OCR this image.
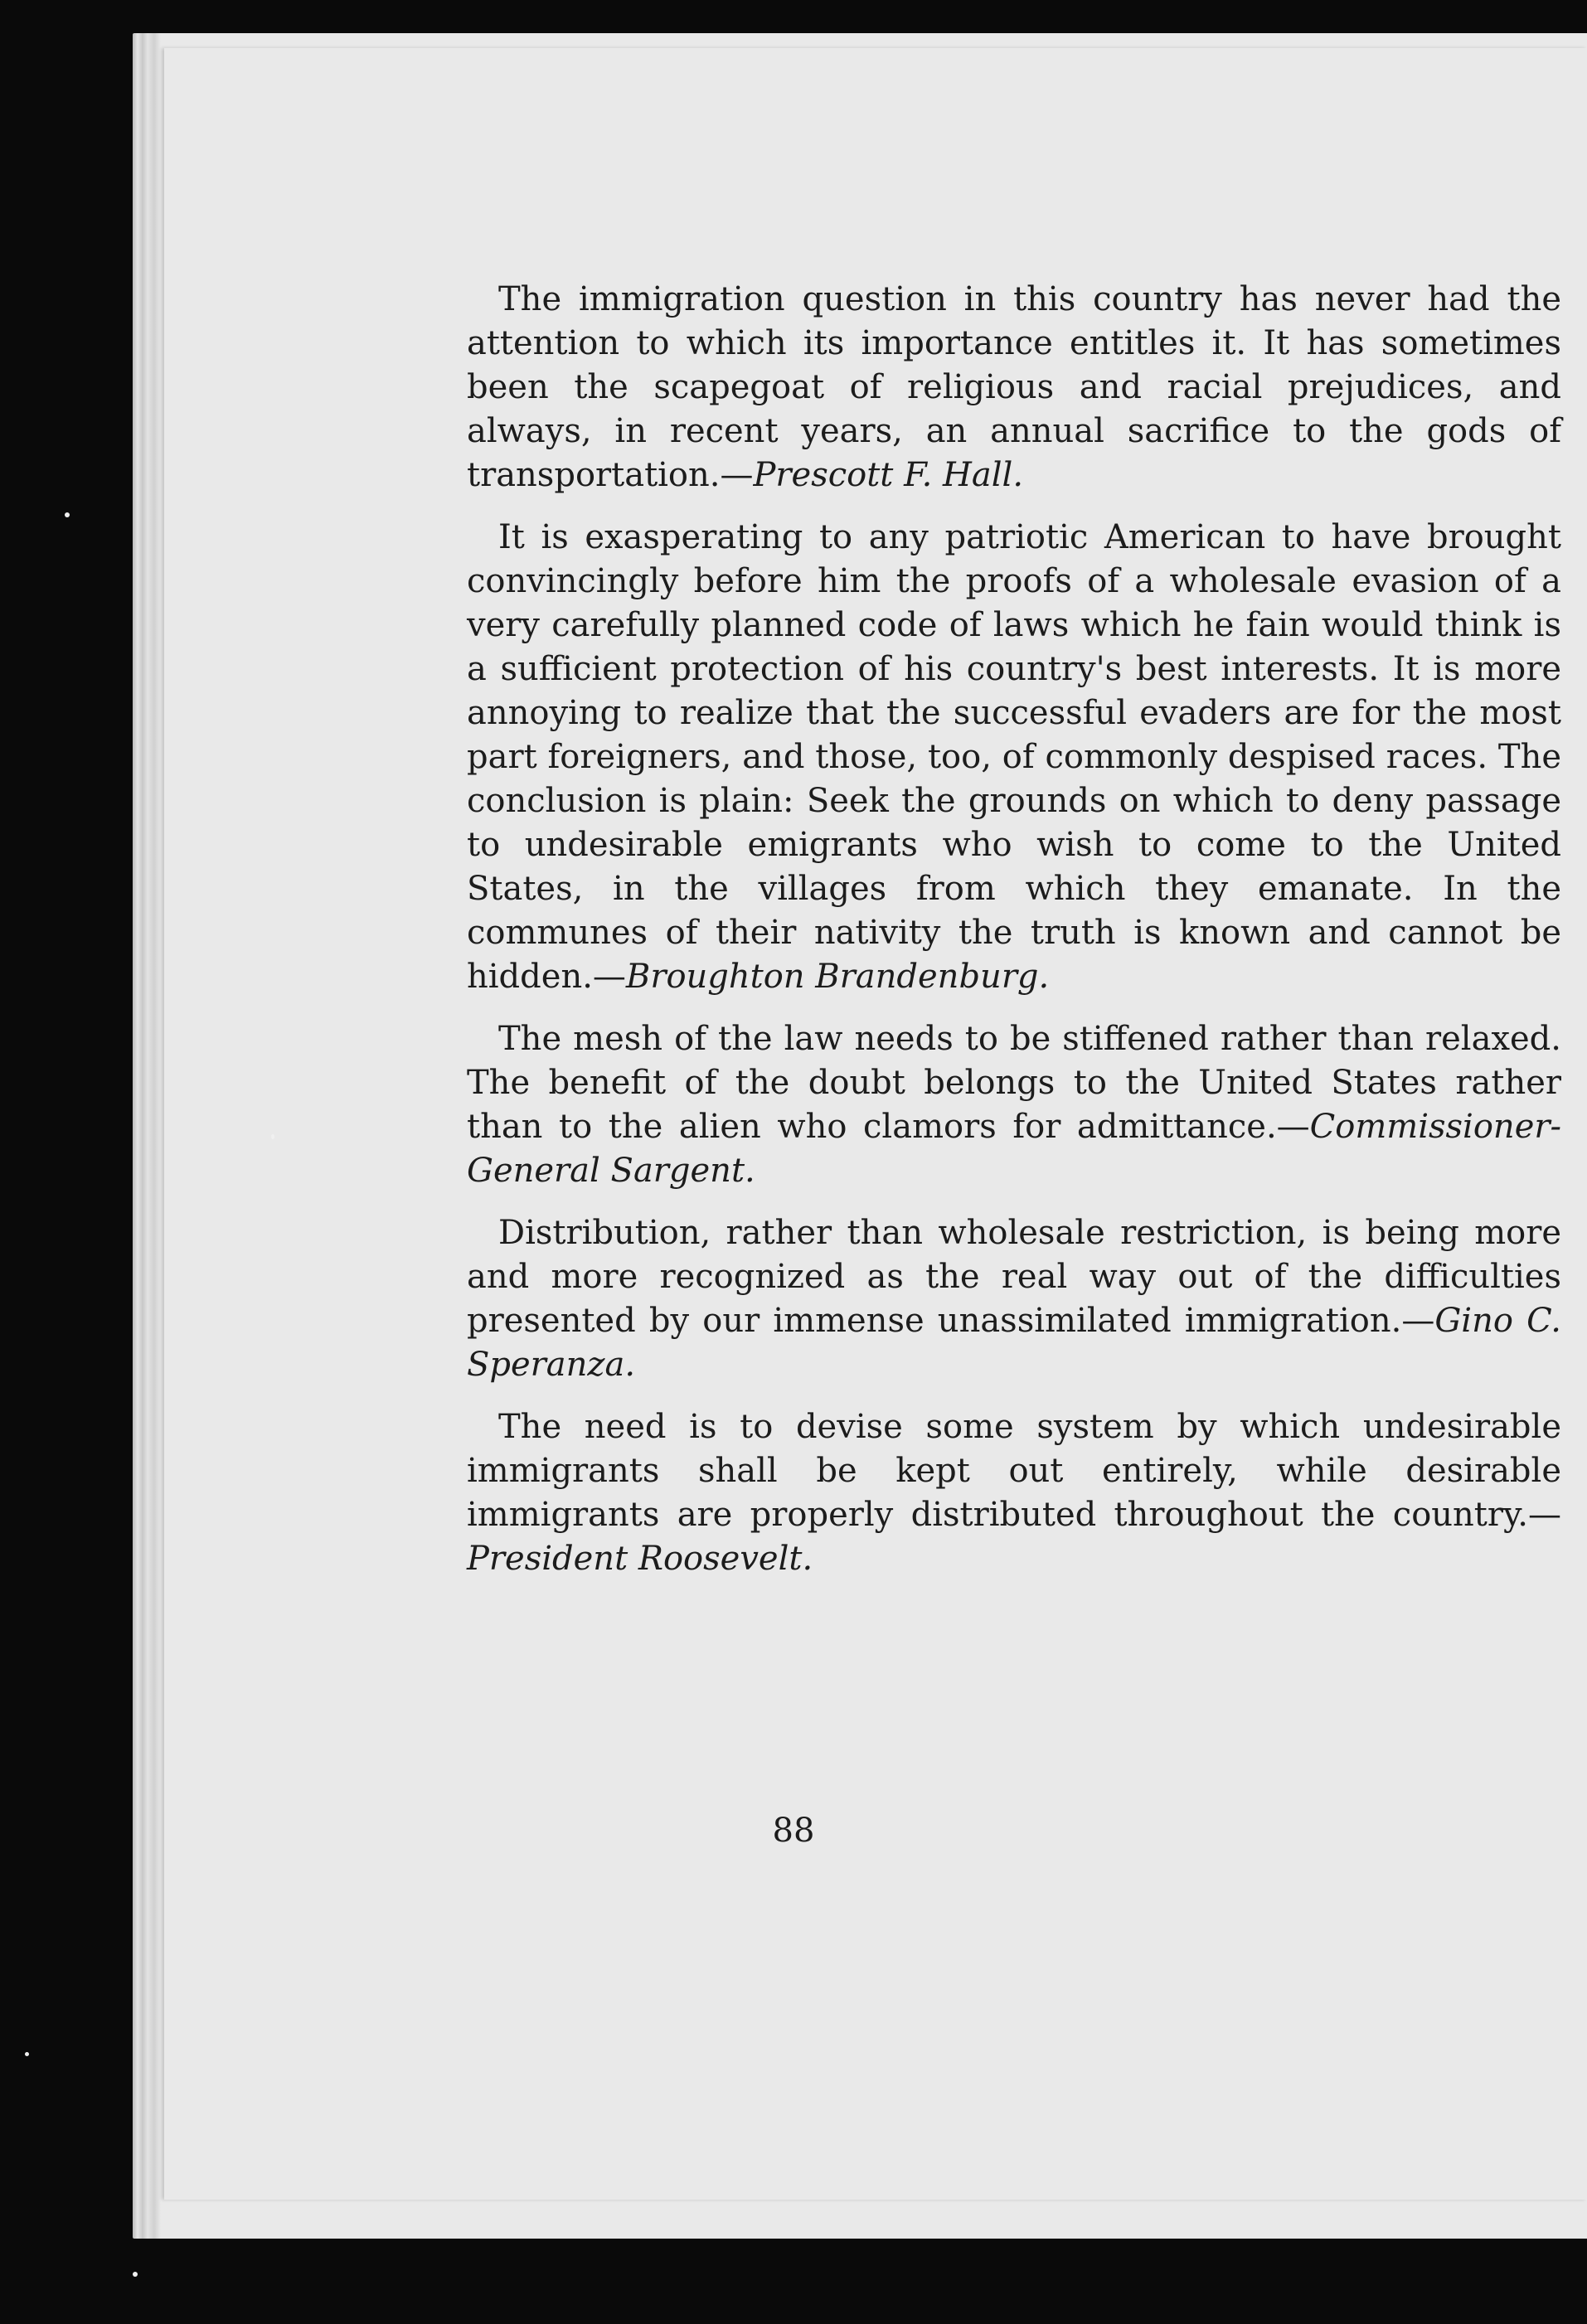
The immigration question in this country has never had the attention to which its importance entitles it. It has sometimes been the scapegoat of religious and racial prejudices, and always, in recent years, an annual sacrifice to the gods of transportation.—Prescott F. Hall.

It is exasperating to any patriotic American to have brought convincingly before him the proofs of a wholesale evasion of a very carefully planned code of laws which he fain would think is a sufficient protection of his country's best interests. It is more annoying to realize that the successful evaders are for the most part foreigners, and those, too, of commonly despised races. The conclusion is plain: Seek the grounds on which to deny passage to undesirable emigrants who wish to come to the United States, in the villages from which they emanate. In the communes of their nativity the truth is known and cannot be hidden.—Broughton Brandenburg.

The mesh of the law needs to be stiffened rather than relaxed. The benefit of the doubt belongs to the United States rather than to the alien who clamors for admittance.—Commissioner-General Sargent.

Distribution, rather than wholesale restriction, is being more and more recognized as the real way out of the difficulties presented by our immense unassimilated immigration.—Gino C. Speranza.

The need is to devise some system by which undesirable immigrants shall be kept out entirely, while desirable immigrants are properly distributed throughout the country.—President Roosevelt.

88
